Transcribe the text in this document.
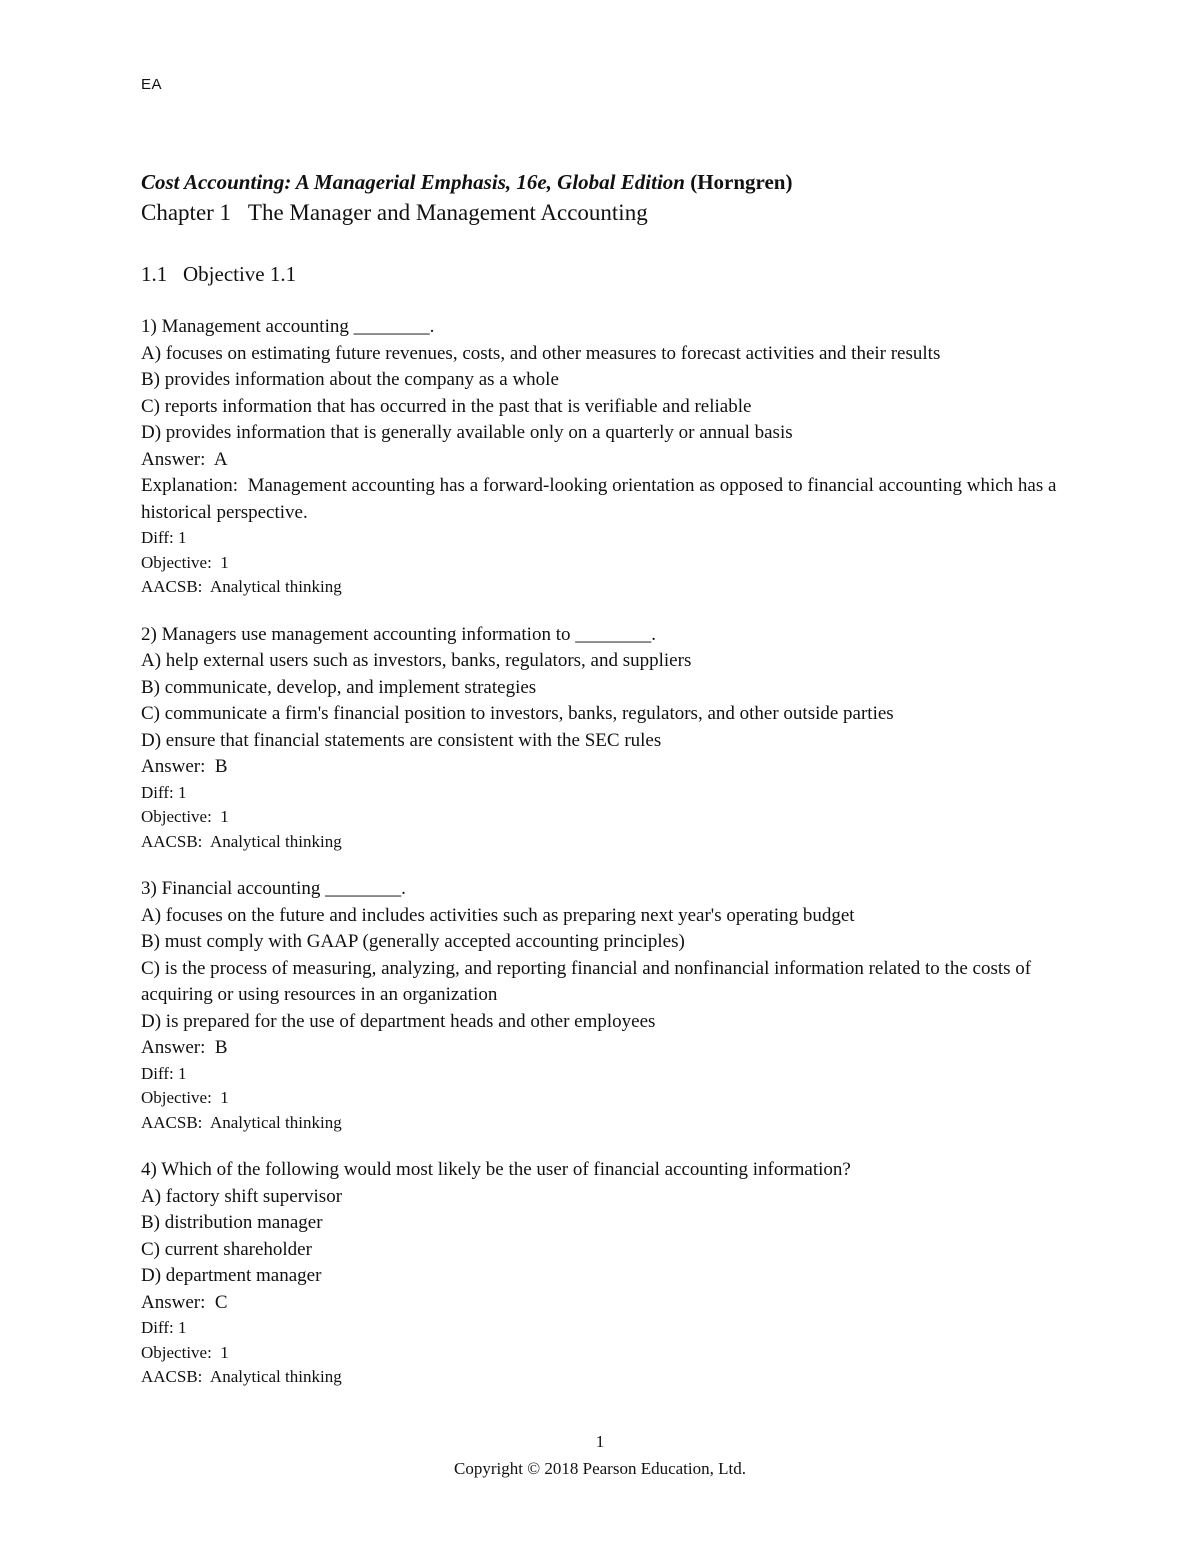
EA

Cost Accounting: A Managerial Emphasis, 16e, Global Edition (Horngren)

Chapter 1   The Manager and Management Accounting

1.1   Objective 1.1

1) Management accounting ________.

A) focuses on estimating future revenues, costs, and other measures to forecast activities and their results

B) provides information about the company as a whole

C) reports information that has occurred in the past that is verifiable and reliable

D) provides information that is generally available only on a quarterly or annual basis

Answer:  A

Explanation:  Management accounting has a forward-looking orientation as opposed to financial accounting which has a historical perspective.

Diff: 1

Objective:  1

AACSB:  Analytical thinking

2) Managers use management accounting information to ________.

A) help external users such as investors, banks, regulators, and suppliers

B) communicate, develop, and implement strategies

C) communicate a firm's financial position to investors, banks, regulators, and other outside parties

D) ensure that financial statements are consistent with the SEC rules

Answer:  B

Diff: 1

Objective:  1

AACSB:  Analytical thinking

3) Financial accounting ________.

A) focuses on the future and includes activities such as preparing next year's operating budget

B) must comply with GAAP (generally accepted accounting principles)

C) is the process of measuring, analyzing, and reporting financial and nonfinancial information related to the costs of acquiring or using resources in an organization

D) is prepared for the use of department heads and other employees

Answer:  B

Diff: 1

Objective:  1

AACSB:  Analytical thinking

4) Which of the following would most likely be the user of financial accounting information?

A) factory shift supervisor

B) distribution manager

C) current shareholder

D) department manager

Answer:  C

Diff: 1

Objective:  1

AACSB:  Analytical thinking

1
Copyright © 2018 Pearson Education, Ltd.
